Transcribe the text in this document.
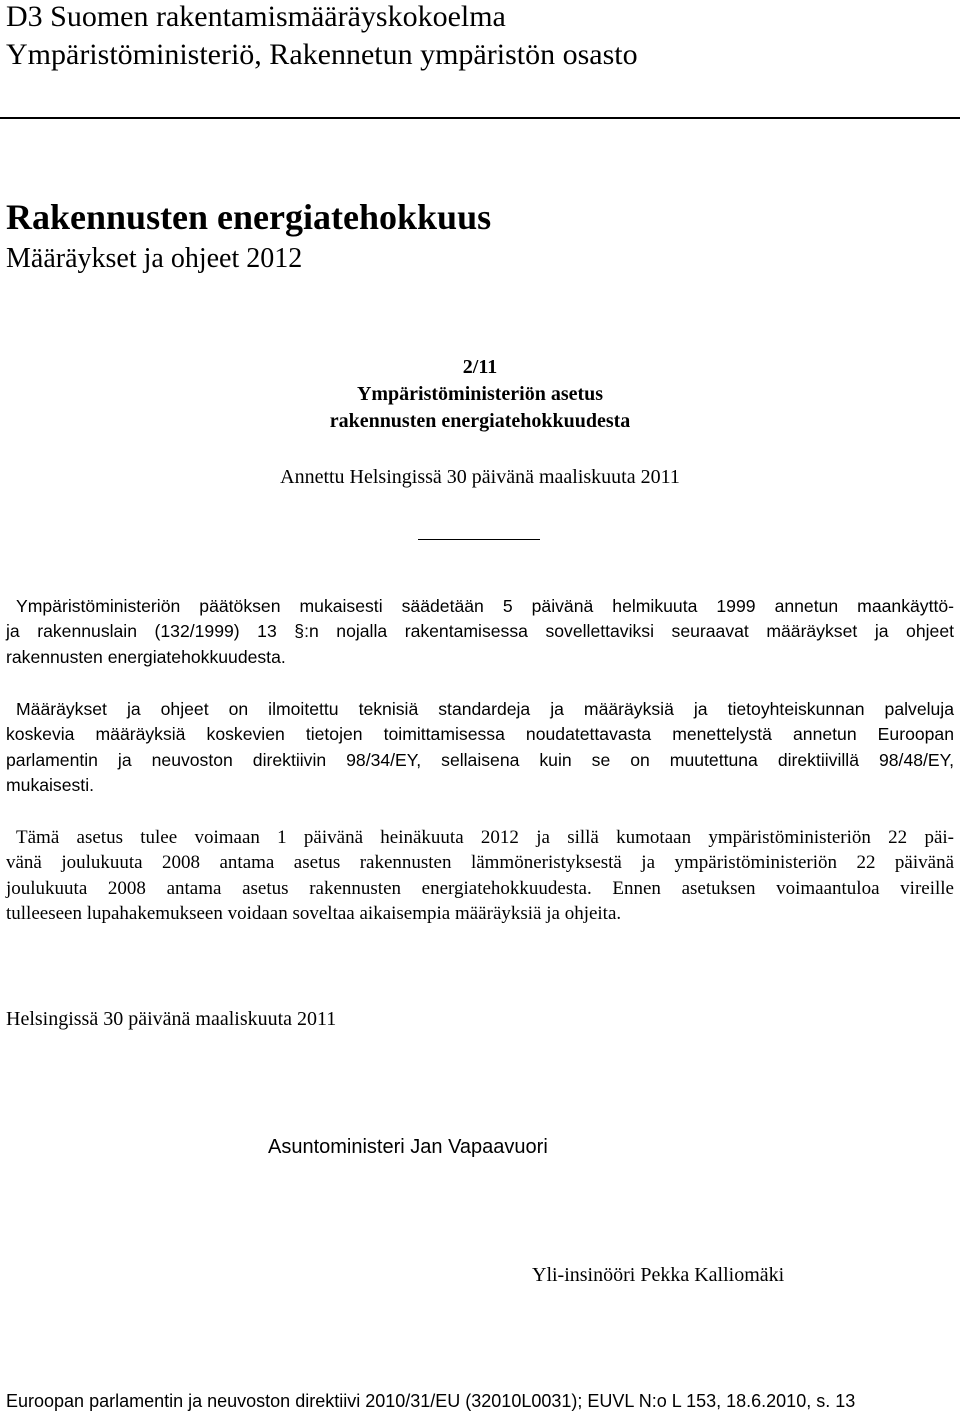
D3 Suomen rakentamismääräyskokoelma
Ympäristöministeriö, Rakennetun ympäristön osasto
Rakennusten energiatehokkuus
Määräykset ja ohjeet 2012
2/11
Ympäristöministeriön asetus
rakennusten energiatehokkuudesta
Annettu Helsingissä 30 päivänä maaliskuuta 2011
Ympäristöministeriön päätöksen mukaisesti säädetään 5 päivänä helmikuuta 1999 annetun maankäyttö-
ja rakennuslain (132/1999) 13 §:n nojalla rakentamisessa sovellettaviksi seuraavat määräykset ja ohjeet
rakennusten energiatehokkuudesta.
Määräykset ja ohjeet on ilmoitettu teknisiä standardeja ja määräyksiä ja tietoyhteiskunnan palveluja
koskevia määräyksiä koskevien tietojen toimittamisessa noudatettavasta menettelystä annetun Euroopan
parlamentin ja neuvoston direktiivin 98/34/EY, sellaisena kuin se on muutettuna direktiivillä 98/48/EY,
mukaisesti.
Tämä asetus tulee voimaan 1 päivänä heinäkuuta 2012 ja sillä kumotaan ympäristöministeriön 22 päi-
vänä joulukuuta 2008 antama asetus rakennusten lämmöneristyksestä ja ympäristöministeriön 22 päivänä
joulukuuta 2008 antama asetus rakennusten energiatehokkuudesta. Ennen asetuksen voimaantuloa vireille
tulleeseen lupahakemukseen voidaan soveltaa aikaisempia määräyksiä ja ohjeita.
Helsingissä 30 päivänä maaliskuuta 2011
Asuntoministeri Jan Vapaavuori
Yli-insinööri Pekka Kalliomäki
Euroopan parlamentin ja neuvoston direktiivi 2010/31/EU (32010L0031); EUVL N:o L 153, 18.6.2010, s. 13
